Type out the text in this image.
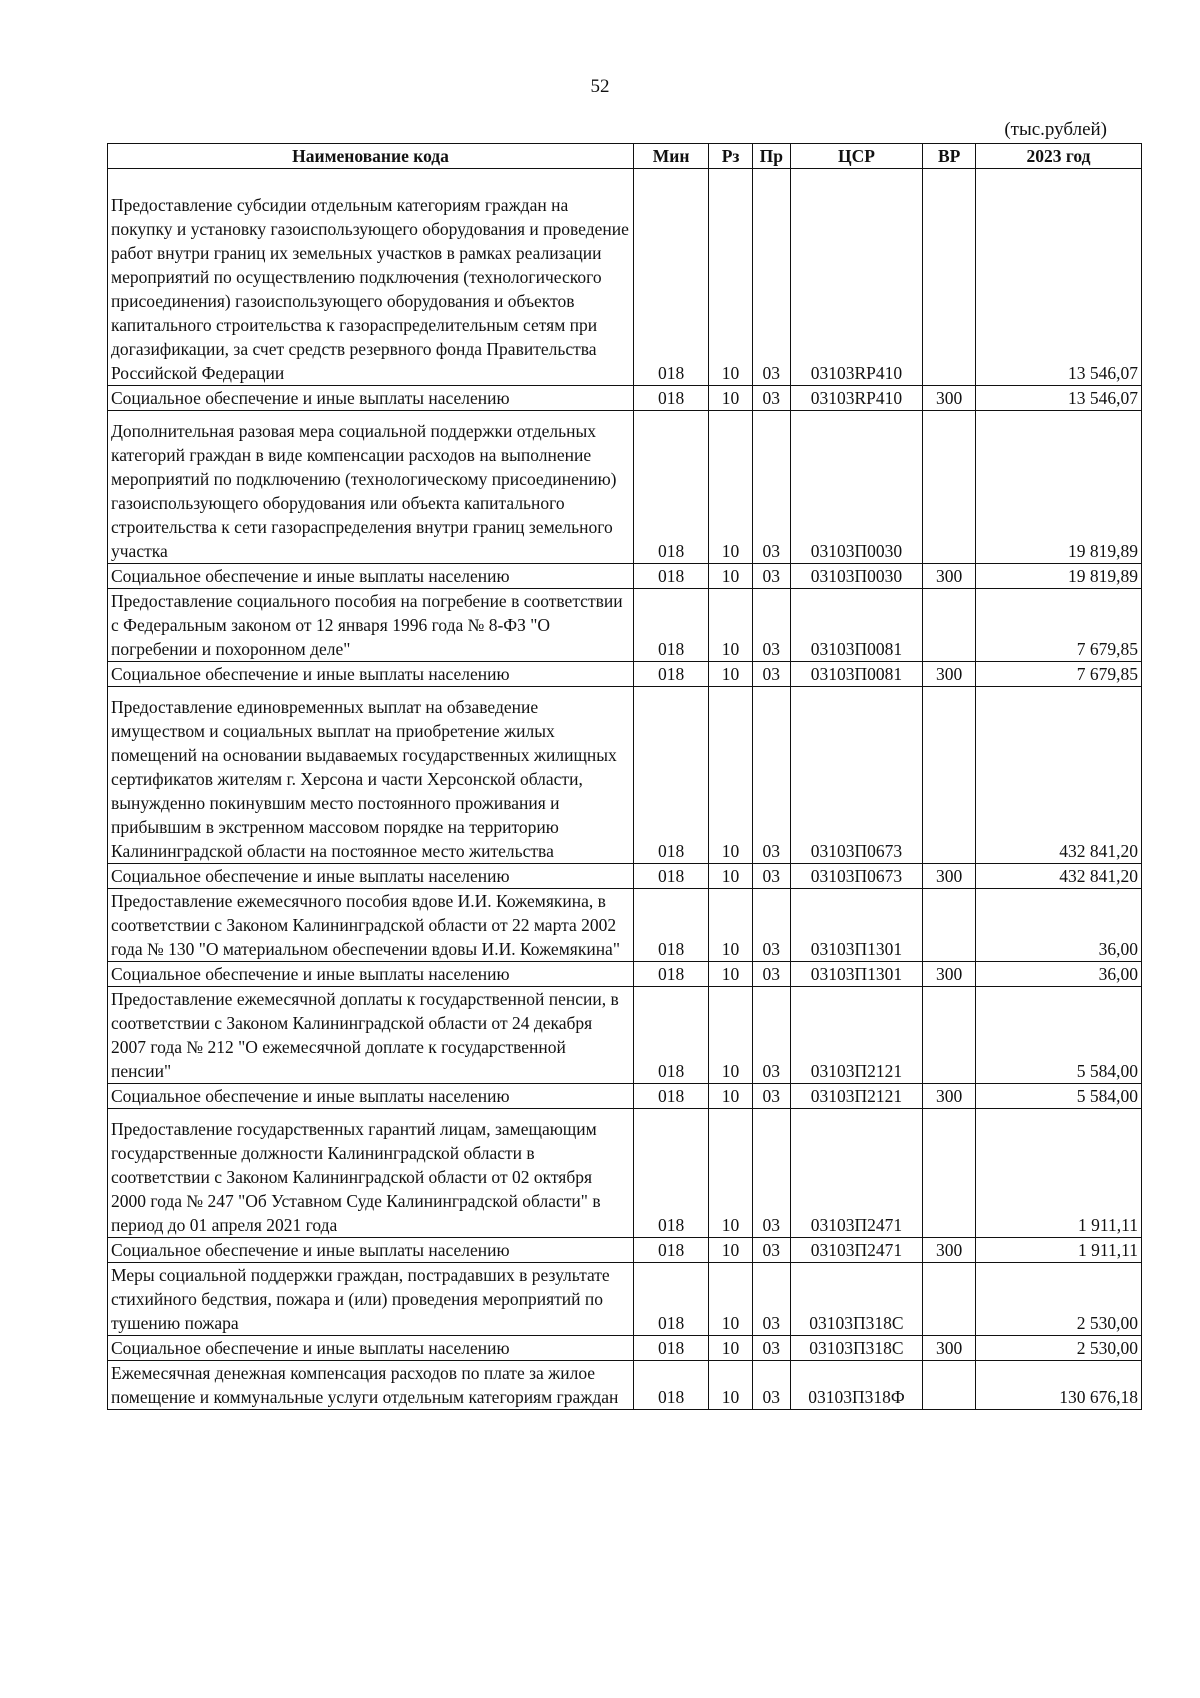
52
(тыс.рублей)
Наименование кода	Мин	Рз	Пр	ЦСР	ВР	2023 год
Предоставление субсидии отдельным категориям граждан на покупку и установку газоиспользующего оборудования и проведение работ внутри границ их земельных участков в рамках реализации мероприятий по осуществлению подключения (технологического присоединения) газоиспользующего оборудования и объектов капитального строительства к газораспределительным сетям при догазификации, за счет средств резервного фонда Правительства Российской Федерации	018	10	03	03103RP410		13 546,07
Социальное обеспечение и иные выплаты населению	018	10	03	03103RP410	300	13 546,07
Дополнительная разовая мера социальной поддержки отдельных категорий граждан в виде компенсации расходов на выполнение мероприятий по подключению (технологическому присоединению) газоиспользующего оборудования или объекта капитального строительства к сети газораспределения внутри границ земельного участка	018	10	03	03103П0030		19 819,89
Социальное обеспечение и иные выплаты населению	018	10	03	03103П0030	300	19 819,89
Предоставление социального пособия на погребение в соответствии с Федеральным законом от 12 января 1996 года № 8-ФЗ "О погребении и похоронном деле"	018	10	03	03103П0081		7 679,85
Социальное обеспечение и иные выплаты населению	018	10	03	03103П0081	300	7 679,85
Предоставление единовременных выплат на обзаведение имуществом и социальных выплат на приобретение жилых помещений на основании выдаваемых государственных жилищных сертификатов жителям г. Херсона и части Херсонской области, вынужденно покинувшим место постоянного проживания и прибывшим в экстренном массовом порядке на территорию Калининградской области на постоянное место жительства	018	10	03	03103П0673		432 841,20
Социальное обеспечение и иные выплаты населению	018	10	03	03103П0673	300	432 841,20
Предоставление ежемесячного пособия вдове И.И. Кожемякина, в соответствии с Законом Калининградской области от 22 марта 2002 года № 130 "О материальном обеспечении вдовы И.И. Кожемякина"	018	10	03	03103П1301		36,00
Социальное обеспечение и иные выплаты населению	018	10	03	03103П1301	300	36,00
Предоставление ежемесячной доплаты к государственной пенсии, в соответствии с Законом Калининградской области от 24 декабря 2007 года № 212 "О ежемесячной доплате к государственной пенсии"	018	10	03	03103П2121		5 584,00
Социальное обеспечение и иные выплаты населению	018	10	03	03103П2121	300	5 584,00
Предоставление государственных гарантий лицам, замещающим государственные должности Калининградской области в соответствии с Законом Калининградской области от 02 октября 2000 года № 247 "Об Уставном Суде Калининградской области" в период до 01 апреля 2021 года	018	10	03	03103П2471		1 911,11
Социальное обеспечение и иные выплаты населению	018	10	03	03103П2471	300	1 911,11
Меры социальной поддержки граждан, пострадавших в результате стихийного бедствия, пожара и (или) проведения мероприятий по тушению пожара	018	10	03	03103П318С		2 530,00
Социальное обеспечение и иные выплаты населению	018	10	03	03103П318С	300	2 530,00
Ежемесячная денежная компенсация расходов по плате за жилое помещение и коммунальные услуги отдельным категориям граждан	018	10	03	03103П318Ф		130 676,18
